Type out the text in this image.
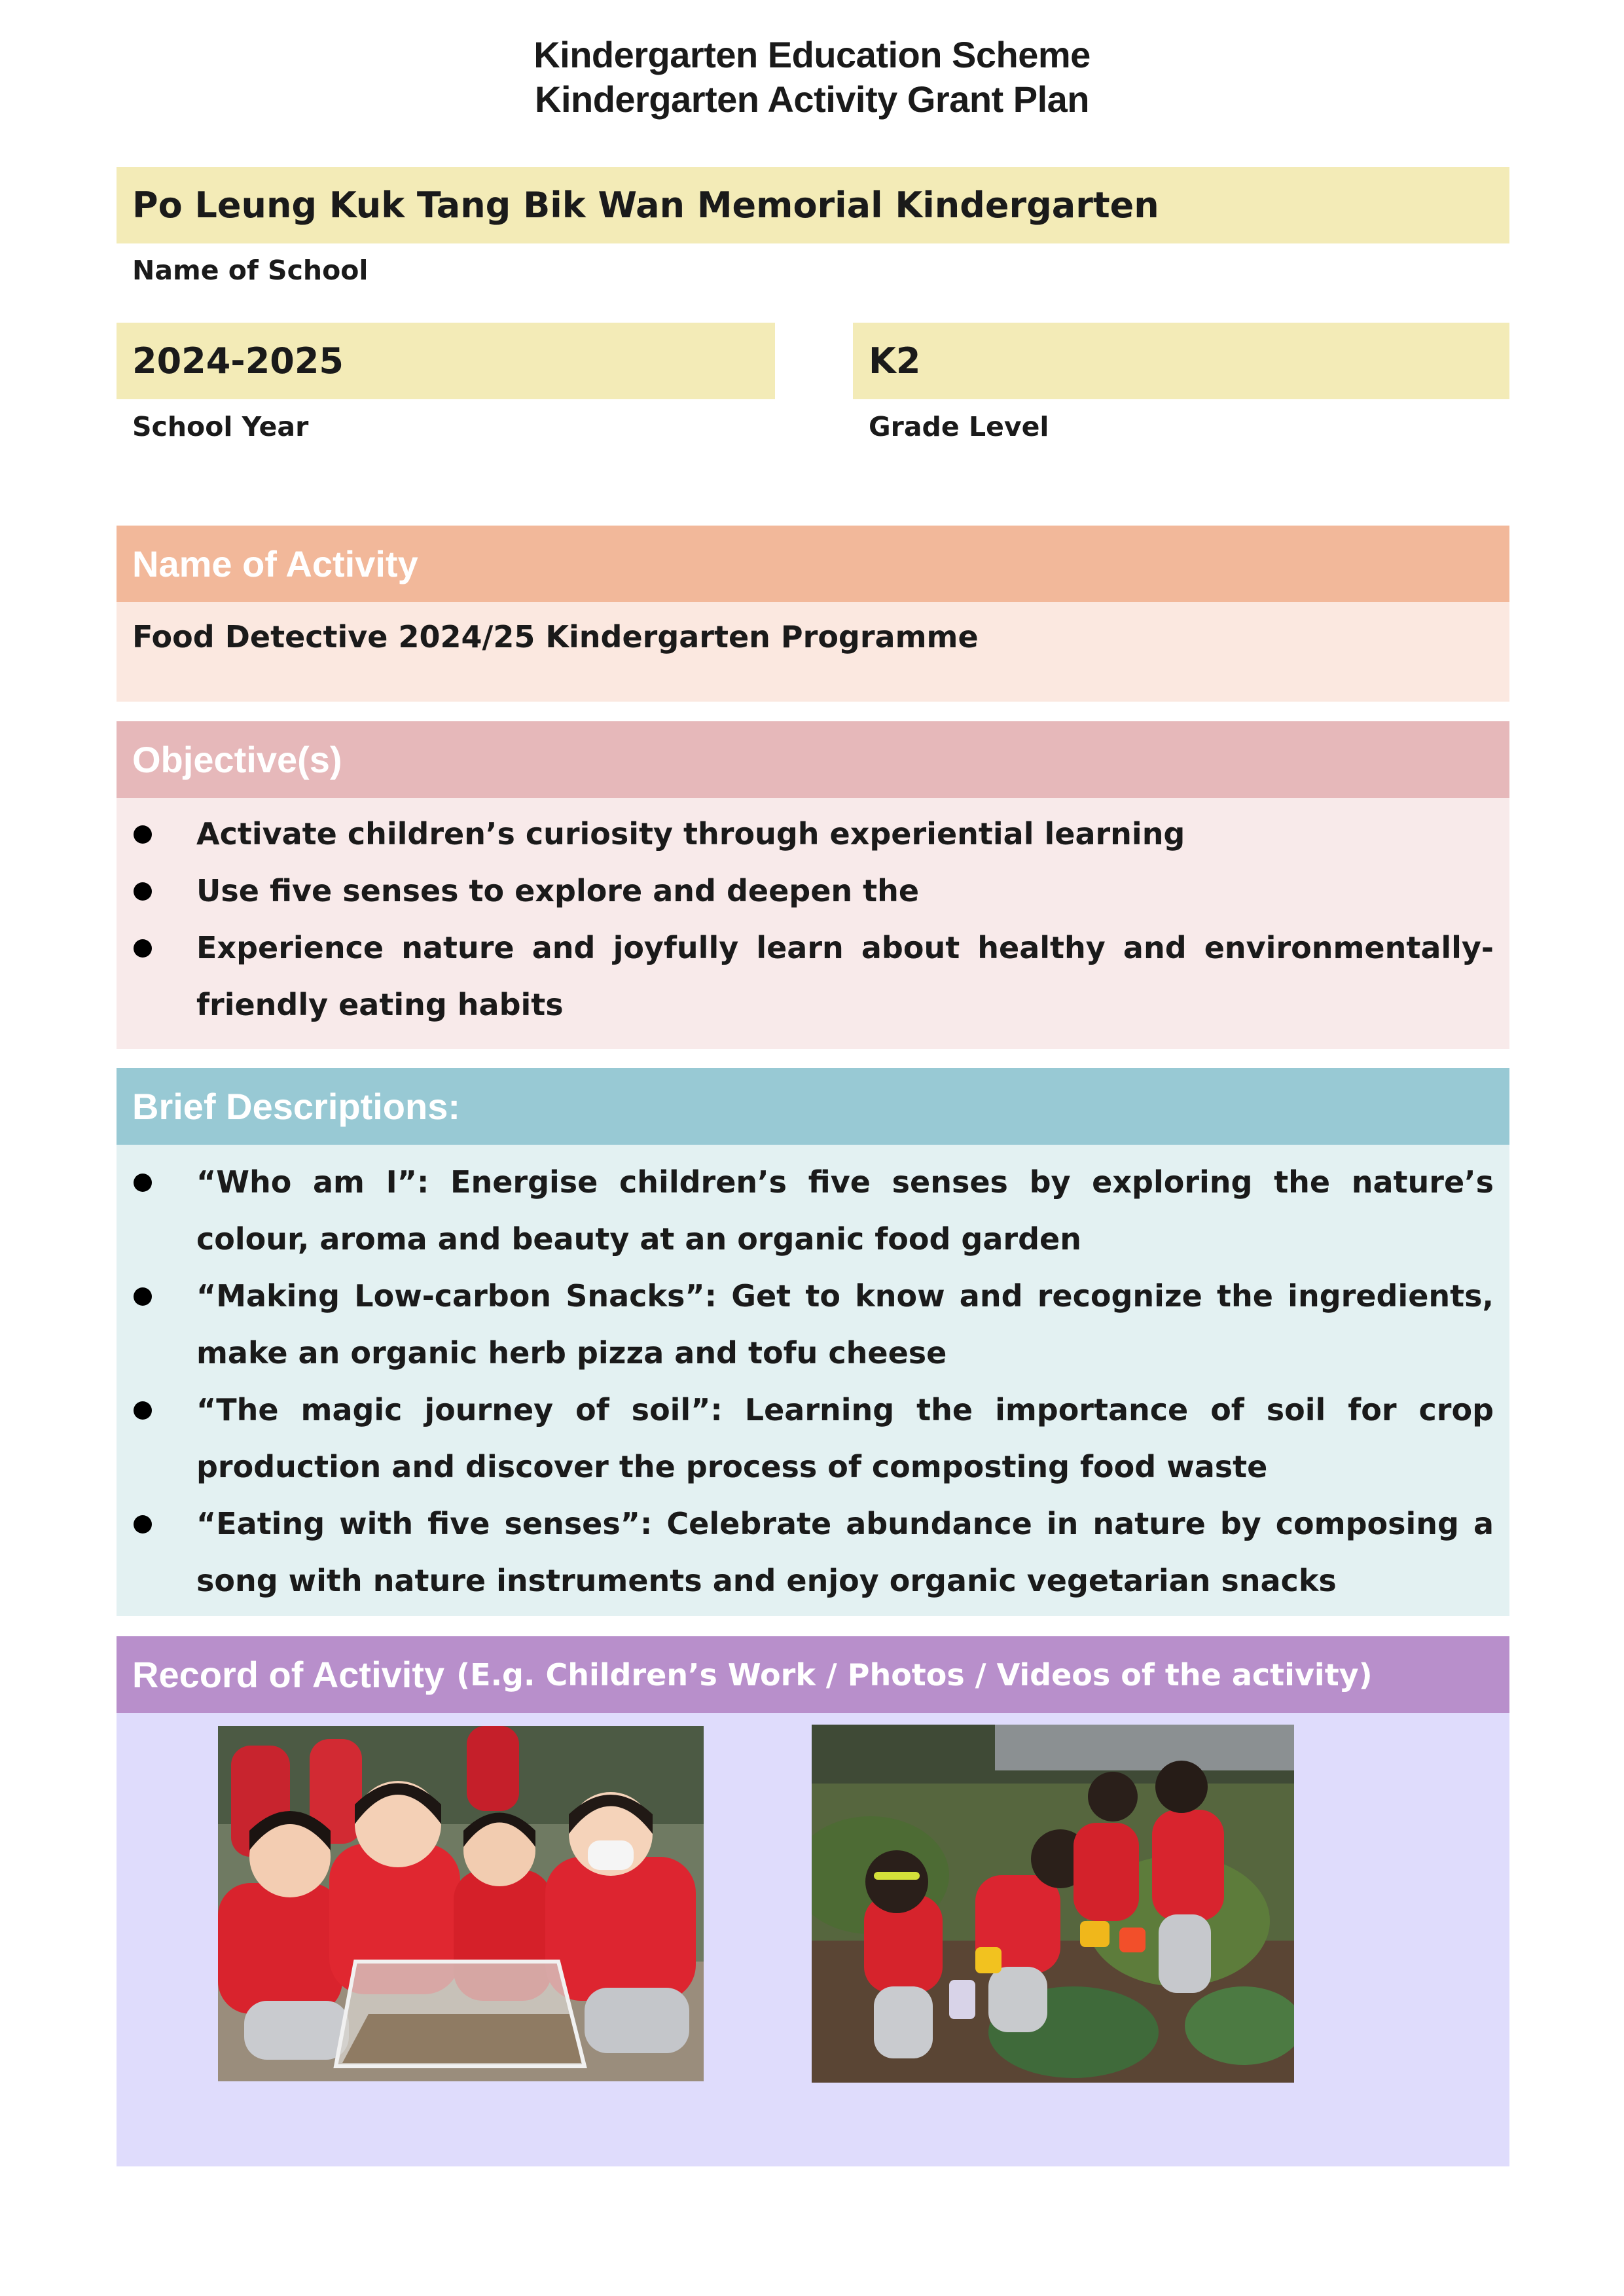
Kindergarten Education Scheme
Kindergarten Activity Grant Plan
Po Leung Kuk Tang Bik Wan Memorial Kindergarten
Name of School
2024-2025
School Year
K2
Grade Level
Name of Activity

Food Detective 2024/25 Kindergarten Programme

Objective(s)
Activate children’s curiosity through experiential learning
Use five senses to explore and deepen the
Experience nature and joyfully learn about healthy and environmentally-friendly eating habits
Brief Descriptions:
“Who am I”: Energise children’s five senses by exploring the nature’s colour, aroma and beauty at an organic food garden
“Making Low-carbon Snacks”: Get to know and recognize the ingredients, make an organic herb pizza and tofu cheese
“The magic journey of soil”: Learning the importance of soil for crop production and discover the process of composting food waste
“Eating with five senses”: Celebrate abundance in nature by composing a song with nature instruments and enjoy organic vegetarian snacks
Record of Activity (E.g. Children’s Work / Photos / Videos of the activity)
